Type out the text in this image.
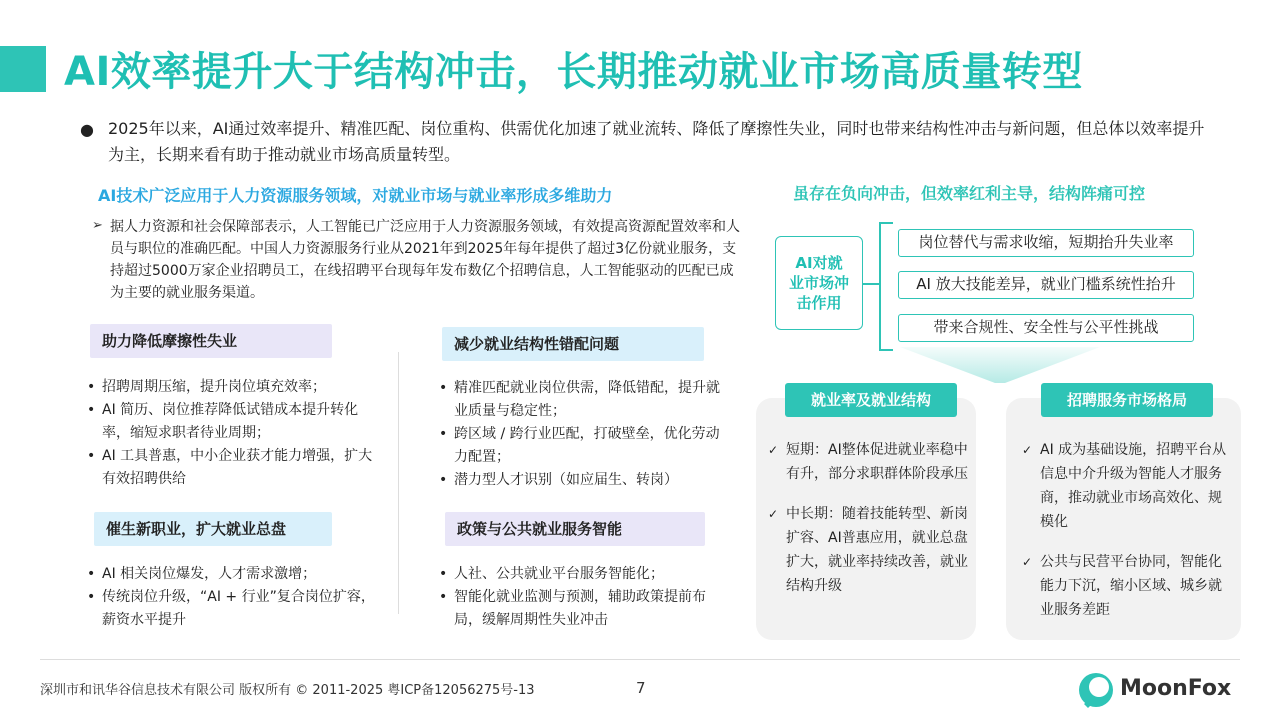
AI效率提升大于结构冲击，长期推动就业市场高质量转型
● 2025年以来，AI通过效率提升、精准匹配、岗位重构、供需优化加速了就业流转、降低了摩擦性失业，同时也带来结构性冲击与新问题，但总体以效率提升为主，长期来看有助于推动就业市场高质量转型。
AI技术广泛应用于人力资源服务领域，对就业市场与就业率形成多维助力
➢ 据人力资源和社会保障部表示，人工智能已广泛应用于人力资源服务领域，有效提高资源配置效率和人员与职位的准确匹配。中国人力资源服务行业从2021年到2025年每年提供了超过3亿份就业服务，支持超过5000万家企业招聘员工，在线招聘平台现每年发布数亿个招聘信息，人工智能驱动的匹配已成为主要的就业服务渠道。
助力降低摩擦性失业
• 招聘周期压缩，提升岗位填充效率；
• AI 简历、岗位推荐降低试错成本提升转化率，缩短求职者待业周期；
• AI 工具普惠，中小企业获才能力增强，扩大有效招聘供给
减少就业结构性错配问题
• 精准匹配就业岗位供需，降低错配，提升就业质量与稳定性；
• 跨区域 / 跨行业匹配，打破壁垒，优化劳动力配置；
• 潜力型人才识别（如应届生、转岗）
催生新职业，扩大就业总盘
• AI 相关岗位爆发，人才需求激增；
• 传统岗位升级，“AI + 行业”复合岗位扩容，薪资水平提升
政策与公共就业服务智能
• 人社、公共就业平台服务智能化；
• 智能化就业监测与预测，辅助政策提前布局，缓解周期性失业冲击
虽存在负向冲击，但效率红利主导，结构阵痛可控
AI对就业市场冲击作用
岗位替代与需求收缩，短期抬升失业率
AI 放大技能差异，就业门槛系统性抬升
带来合规性、安全性与公平性挑战
就业率及就业结构
✓ 短期：AI整体促进就业率稳中有升，部分求职群体阶段承压
✓ 中长期：随着技能转型、新岗扩容、AI普惠应用，就业总盘扩大，就业率持续改善，就业结构升级
招聘服务市场格局
✓ AI 成为基础设施，招聘平台从信息中介升级为智能人才服务商，推动就业市场高效化、规模化
✓ 公共与民营平台协同，智能化能力下沉，缩小区域、城乡就业服务差距
深圳市和讯华谷信息技术有限公司 版权所有 © 2011-2025 粤ICP备12056275号-13	7	MoonFox
